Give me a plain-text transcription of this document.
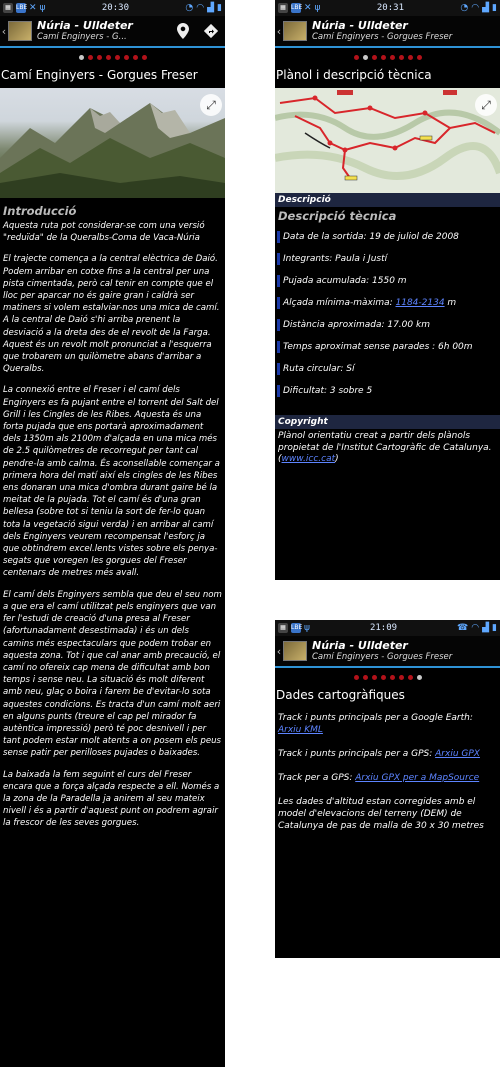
▦ LBE ✕ ψ	20:30	◔ ◠ ▟ ▮
‹	Núria - Ulldeter
Camí Enginyers - G...
Camí Enginyers - Gorgues Freser
⤢
Introducció

Aquesta ruta pot considerar-se com una versió "reduïda" de la Queralbs-Coma de Vaca-Núria

El trajecte comença a la central elèctrica de Daió. Podem arribar en cotxe fins a la central per una pista cimentada, però cal tenir en compte que el lloc per aparcar no és gaire gran i caldrà ser matiners si volem estalviar-nos una mica de camí. A la central de Daió s'hi arriba prenent la desviació a la dreta des de el revolt de la Farga. Aquest és un revolt molt pronunciat a l'esquerra que trobarem un quilòmetre abans d'arribar a Queralbs.

La connexió entre el Freser i el camí dels Enginyers es fa pujant entre el torrent del Salt del Grill i les Cingles de les Ribes. Aquesta és una forta pujada que ens portarà aproximadament dels 1350m als 2100m d'alçada en una mica més de 2.5 quilòmetres de recorregut per tant cal pendre-la amb calma. És aconsellable començar a primera hora del matí així els cingles de les Ribes ens donaran una mica d'ombra durant gaire bé la meitat de la pujada. Tot el camí és d'una gran bellesa (sobre tot si teniu la sort de fer-lo quan tota la vegetació sigui verda) i en arribar al camí dels Enginyers veurem recompensat l'esforç ja que obtindrem excel.lents vistes sobre els penya-segats que voregen les gorgues del Freser centenars de metres més avall.

El camí dels Enginyers sembla que deu el seu nom a que era el camí utilitzat pels enginyers que van fer l'estudi de creació d'una presa al Freser (afortunadament desestimada) i és un dels camins més espectaculars que podem trobar en aquesta zona. Tot i que cal anar amb precaució, el camí no ofereix cap mena de dificultat amb bon temps i sense neu. La situació és molt diferent amb neu, glaç o boira i farem be d'evitar-lo sota aquestes condicions. Es tracta d'un camí molt aeri en alguns punts (treure el cap pel mirador fa autèntica impressió) però té poc desnivell i per tant podem estar molt atents a on posem els peus sense patir per perilloses pujades o baixades.

La baixada la fem seguint el curs del Freser encara que a força alçada respecte a ell. Només a la zona de la Paradella ja anirem al seu mateix nivell i és a partir d'aquest punt on podrem agrair la frescor de les seves gorgues.

▦ LBE ✕ ψ	20:31	◔ ◠ ▟ ▮
‹	Núria - Ulldeter
Camí Enginyers - Gorgues Freser
Plànol i descripció tècnica
⤢
Descripció
Descripció tècnica
Data de la sortida: 19 de juliol de 2008
Integrants: Paula i Justí
Pujada acumulada: 1550 m
Alçada mínima-màxima: 1184-2134 m
Distància aproximada: 17.00 km
Temps aproximat sense parades : 6h 00m
Ruta circular: Sí
Dificultat: 3 sobre 5
Copyright
Plànol orientatiu creat a partir dels plànols propietat de l'Institut Cartogràfic de Catalunya. (www.icc.cat)
▦ LBE ψ	21:09	☎ ◠ ▟ ▮
‹	Núria - Ulldeter
Camí Enginyers - Gorgues Freser
Dades cartogràfiques
Track i punts principals per a Google Earth: Arxiu KML
Track i punts principals per a GPS: Arxiu GPX
Track per a GPS: Arxiu GPX per a MapSource
Les dades d'altitud estan corregides amb el model d'elevacions del terreny (DEM) de Catalunya de pas de malla de 30 x 30 metres
